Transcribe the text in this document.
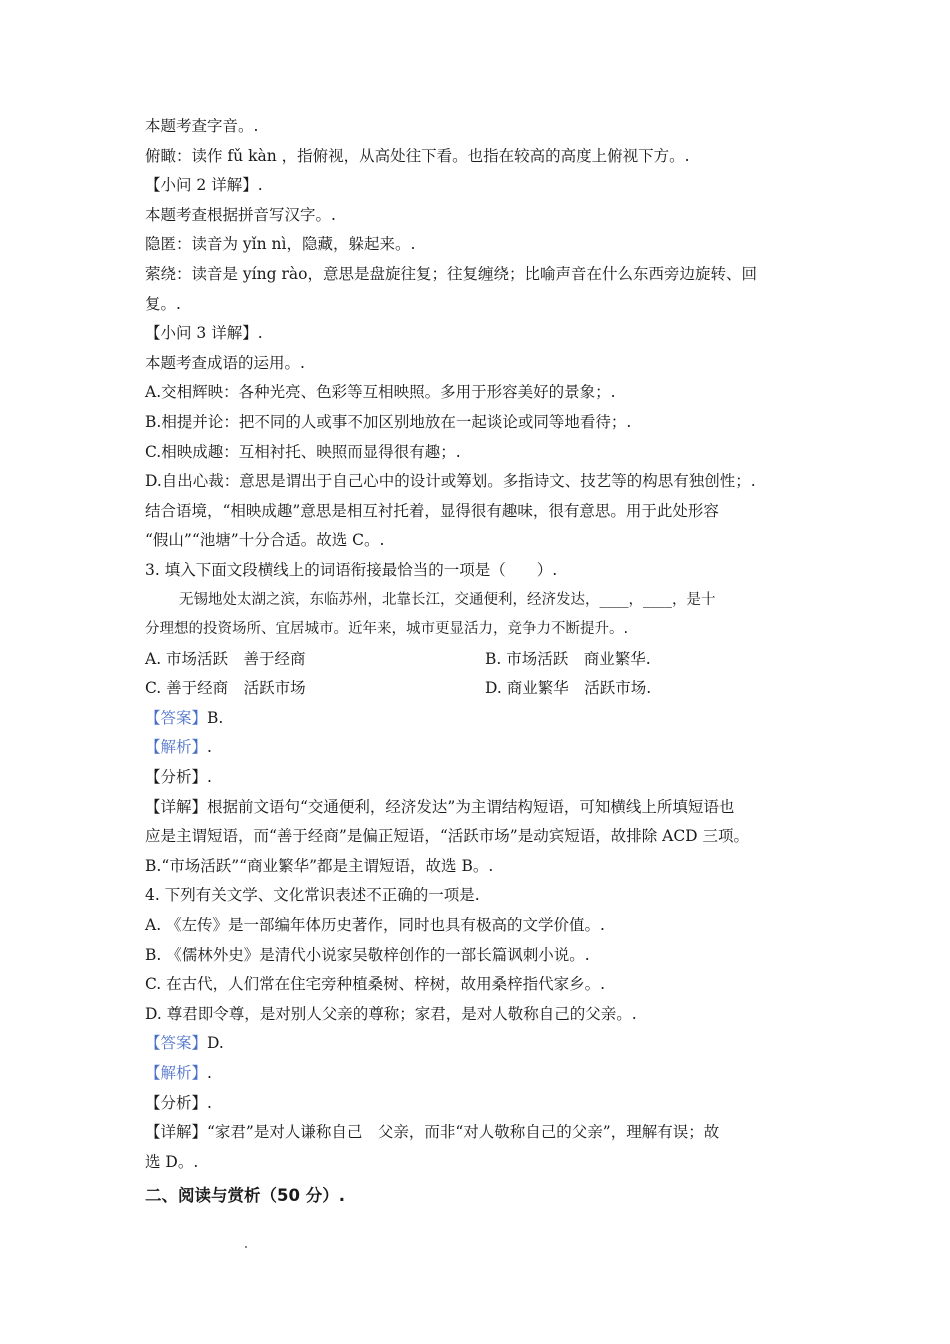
本题考查字音。.
俯瞰：读作 fǔ kàn ，指俯视，从高处往下看。也指在较高的高度上俯视下方。.
【小问 2 详解】.
本题考查根据拼音写汉字。.
隐匿：读音为 yǐn nì，隐藏，躲起来。.
萦绕：读音是 yíng rào，意思是盘旋往复；往复缠绕；比喻声音在什么东西旁边旋转、回
复。.
【小问 3 详解】.
本题考查成语的运用。.
A.交相辉映：各种光亮、色彩等互相映照。多用于形容美好的景象；.
B.相提并论：把不同的人或事不加区别地放在一起谈论或同等地看待；.
C.相映成趣：互相衬托、映照而显得很有趣；.
D.自出心裁：意思是谓出于自己心中的设计或筹划。多指诗文、技艺等的构思有独创性；.
结合语境，“相映成趣”意思是相互衬托着，显得很有趣味，很有意思。用于此处形容
“假山”“池塘”十分合适。故选 C。.
3. 填入下面文段横线上的词语衔接最恰当的一项是（　　）.
无锡地处太湖之滨，东临苏州，北靠长江，交通便利，经济发达，____，____，是十
分理想的投资场所、宜居城市。近年来，城市更显活力，竞争力不断提升。.
A. 市场活跃　善于经商	B. 市场活跃　商业繁华.
C. 善于经商　活跃市场	D. 商业繁华　活跃市场.
【答案】B.
【解析】.
【分析】.
【详解】根据前文语句“交通便利，经济发达”为主谓结构短语，可知横线上所填短语也
应是主谓短语，而“善于经商”是偏正短语，“活跃市场”是动宾短语，故排除 ACD 三项。
B.“市场活跃”“商业繁华”都是主谓短语，故选 B。.
4. 下列有关文学、文化常识表述不正确的一项是.
A. 《左传》是一部编年体历史著作，同时也具有极高的文学价值。.
B. 《儒林外史》是清代小说家吴敬梓创作的一部长篇讽刺小说。.
C. 在古代，人们常在住宅旁种植桑树、梓树，故用桑梓指代家乡。.
D. 尊君即令尊，是对别人父亲的尊称；家君，是对人敬称自己的父亲。.
【答案】D.
【解析】.
【分析】.
【详解】“家君”是对人谦称自己　父亲，而非“对人敬称自己的父亲”，理解有误；故
选 D。.
二、阅读与赏析（50 分）.
